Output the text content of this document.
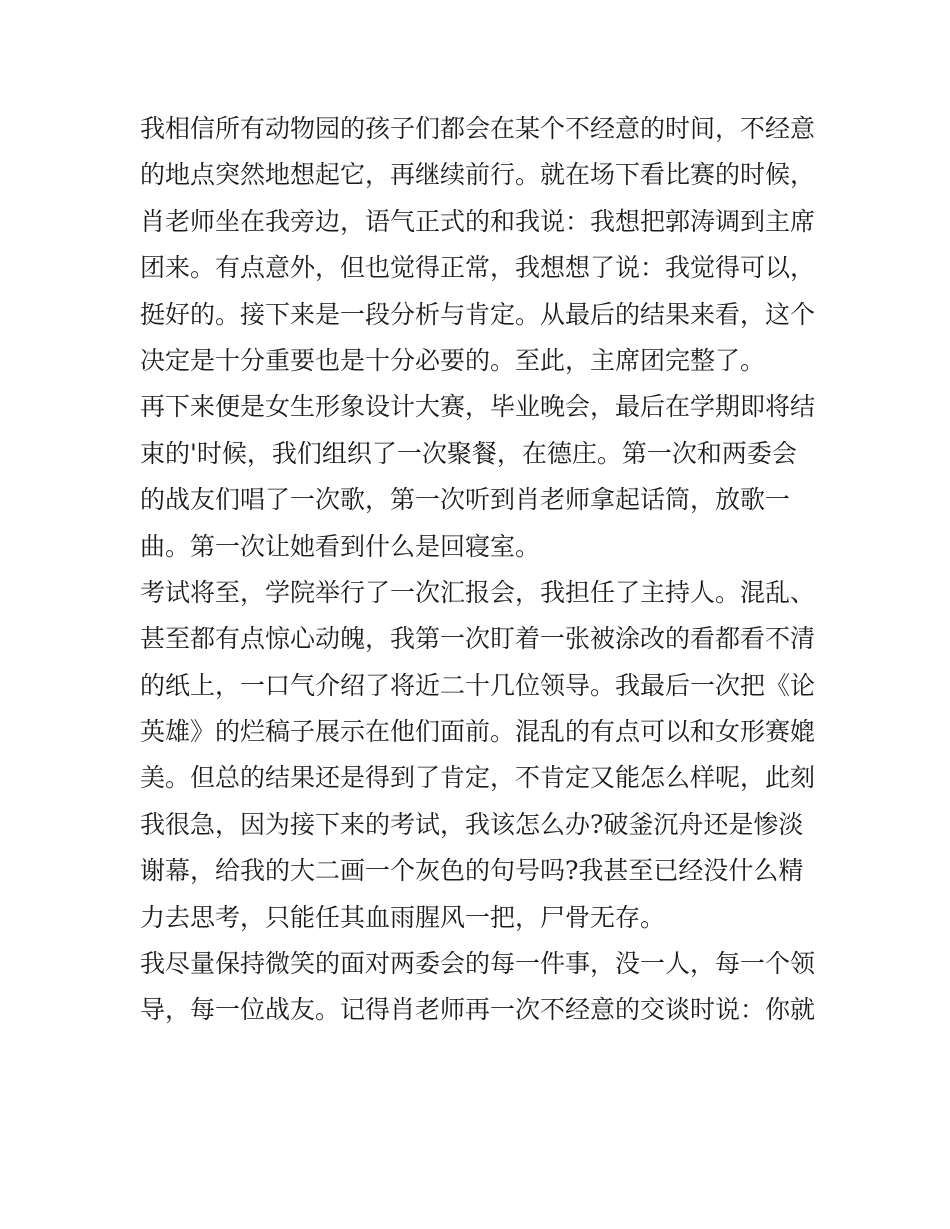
我相信所有动物园的孩子们都会在某个不经意的时间，不经意
的地点突然地想起它，再继续前行。就在场下看比赛的时候，
肖老师坐在我旁边，语气正式的和我说：我想把郭涛调到主席
团来。有点意外，但也觉得正常，我想想了说：我觉得可以，
挺好的。接下来是一段分析与肯定。从最后的结果来看，这个
决定是十分重要也是十分必要的。至此，主席团完整了。
再下来便是女生形象设计大赛，毕业晚会，最后在学期即将结
束的'时候，我们组织了一次聚餐，在德庄。第一次和两委会
的战友们唱了一次歌，第一次听到肖老师拿起话筒，放歌一
曲。第一次让她看到什么是回寝室。
考试将至，学院举行了一次汇报会，我担任了主持人。混乱、
甚至都有点惊心动魄，我第一次盯着一张被涂改的看都看不清
的纸上，一口气介绍了将近二十几位领导。我最后一次把《论
英雄》的烂稿子展示在他们面前。混乱的有点可以和女形赛媲
美。但总的结果还是得到了肯定，不肯定又能怎么样呢，此刻
我很急，因为接下来的考试，我该怎么办?破釜沉舟还是惨淡
谢幕，给我的大二画一个灰色的句号吗?我甚至已经没什么精
力去思考，只能任其血雨腥风一把，尸骨无存。
我尽量保持微笑的面对两委会的每一件事，没一人，每一个领
导，每一位战友。记得肖老师再一次不经意的交谈时说：你就
